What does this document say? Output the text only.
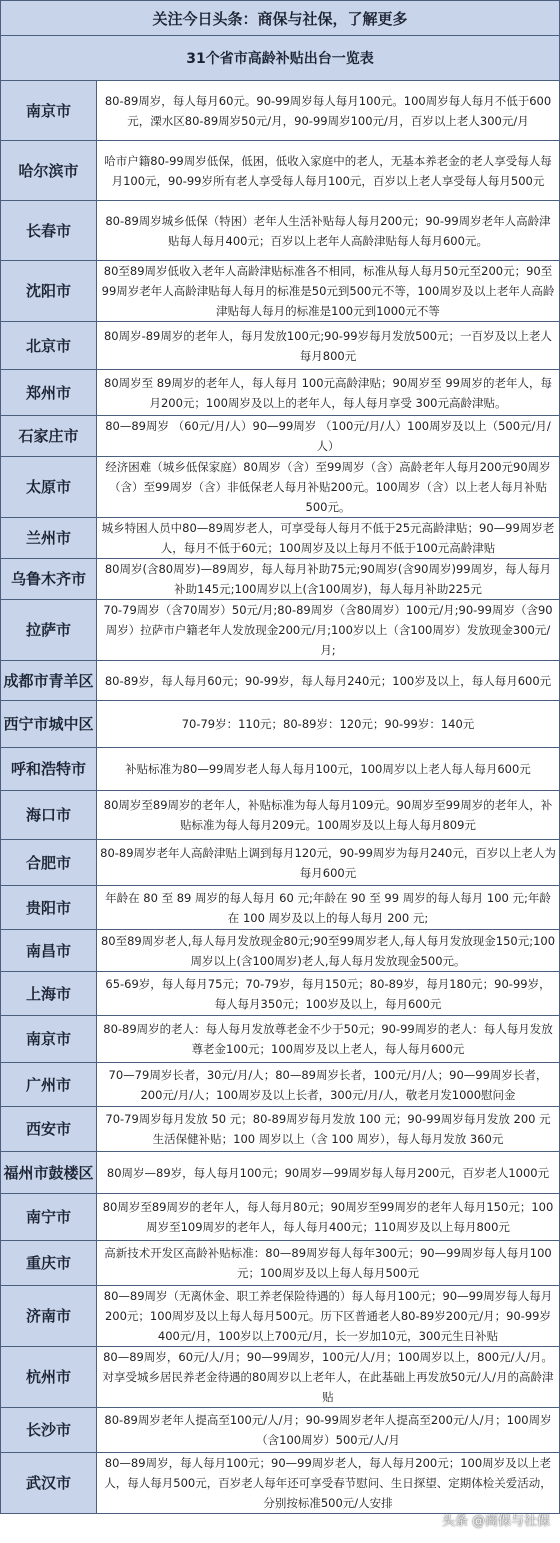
关注今日头条：商保与社保，了解更多	
31个省市高龄补贴出台一览表	
南京市	80-89周岁，每人每月60元。90-99周岁每人每月100元。100周岁每人每月不低于600元，溧水区80-89周岁50元/月，90-99周岁100元/月，百岁以上老人300元/月
哈尔滨市	哈市户籍80-99周岁低保，低困，低收入家庭中的老人，无基本养老金的老人享受每人每月100元，90-99岁所有老人享受每人每月100元，百岁以上老人享受每人每月500元
长春市	80-89周岁城乡低保（特困）老年人生活补贴每人每月200元；90-99周岁老年人高龄津贴每人每月400元；百岁以上老年人高龄津贴每人每月600元。
沈阳市	80至89周岁低收入老年人高龄津贴标准各不相同，标准从每人每月50元至200元；90至99周岁老年人高龄津贴每人每月的标准是50元到500元不等，100周岁及以上老年人高龄津贴每人每月的标准是100元到1000元不等
北京市	80周岁-89周岁的老年人，每月发放100元;90-99岁每月发放500元；一百岁及以上老人每月800元
郑州市	80周岁至 89周岁的老年人，每人每月 100元高龄津贴；90周岁至 99周岁的老年人，每月200元；100周岁及以上的老年人，每人每月享受 300元高龄津贴。
石家庄市	80—89周岁 （60元/月/人）90—99周岁 （100元/月/人）100周岁及以上（500元/月/人）
太原市	经济困难（城乡低保家庭）80周岁（含）至99周岁（含）高龄老年人每月200元90周岁（含）至99周岁（含）非低保老人每月补贴200元。100周岁（含）以上老人每月补贴500元。
兰州市	城乡特困人员中80—89周岁老人，可享受每人每月不低于25元高龄津贴；90—99周岁老人，每月不低于60元；100周岁及以上每月不低于100元高龄津贴
乌鲁木齐市	80周岁(含80周岁)—89周岁，每人每月补助75元;90周岁(含90周岁)99周岁，每人每月补助145元;100周岁以上(含100周岁)，每人每月补助225元
拉萨市	70-79周岁（含70周岁）50元/月;80-89周岁（含80周岁）100元/月;90-99周岁（含90周岁）拉萨市户籍老年人发放现金200元/月;100岁以上（含100周岁）发放现金300元/月;
成都市青羊区	80-89岁，每人每月60元；90-99岁，每人每月240元；100岁及以上，每人每月600元
西宁市城中区	70-79岁：110元；80-89岁：120元；90-99岁：140元
呼和浩特市	补贴标准为80—99周岁老人每人每月100元，100周岁以上老人每人每月600元
海口市	80周岁至89周岁的老年人，补贴标准为每人每月109元。90周岁至99周岁的老年人，补贴标准为每人每月209元。100周岁及以上每人每月809元
合肥市	80-89周岁老年人高龄津贴上调到每月120元，90-99周岁为每月240元，百岁以上老人为每月600元
贵阳市	年龄在 80 至 89 周岁的每人每月 60 元;年龄在 90 至 99 周岁的每人每月 100 元;年龄在 100 周岁及以上的每人每月 200 元;
南昌市	80至89周岁老人,每人每月发放现金80元;90至99周岁老人,每人每月发放现金150元;100周岁以上(含100周岁)老人,每人每月发放现金500元。
上海市	65-69岁，每人每月75元；70-79岁，每月150元；80-89岁，每月180元；90-99岁，每人每月350元；100岁及以上，每月600元
南京市	80-89周岁的老人：每人每月发放尊老金不少于50元；90-99周岁的老人：每人每月发放尊老金100元；100周岁及以上老人，每人每月600元
广州市	70—79周岁长者，30元/月/人；80—89周岁长者，100元/月/人；90—99周岁长者，200元/月/人；100周岁及以上长者，300元/月/人，敬老月发1000慰问金
西安市	70-79周岁每月发放 50 元；80-89周岁每月发放 100 元；90-99周岁每月发放 200 元生活保健补贴；100 周岁以上（含 100 周岁），每人每月发放 360元
福州市鼓楼区	80周岁—89岁，每人每月100元；90周岁—99周岁每人每月200元，百岁老人1000元
南宁市	80周岁至89周岁的老年人，每人每月80元；90周岁至99周岁的老年人每月150元；100周岁至109周岁的老年人，每人每月400元；110周岁及以上每月800元
重庆市	高新技术开发区高龄补贴标准：80—89周岁每人每年300元；90—99周岁每人每月100元；100周岁及以上每人每月500元
济南市	80—89周岁（无离休金、职工养老保险待遇的）每人每月100元；90—99周岁每人每月200元；100周岁及以上每人每月500元。历下区普通老人80-89岁200元/月；90-99岁400元/月，100岁以上700元/月，长一岁加10元，300元生日补贴
杭州市	80—89周岁，60元/人/月；90—99周岁，100元/人/月；100周岁以上，800元/人/月。对享受城乡居民养老金待遇的80周岁以上老年人，在此基础上再发放50元/人/月的高龄津贴
长沙市	80-89周岁老年人提高至100元/人/月；90-99周岁老年人提高至200元/人/月；100周岁（含100周岁）500元/人/月
武汉市	80—89周岁，每人每月100元；90—99周岁老人，每人每月200元；100周岁及以上老人，每人每月500元，百岁老人每年还可享受春节慰问、生日探望、定期体检关爱活动，分别按标准500元/人安排
头条 @商保与社保
